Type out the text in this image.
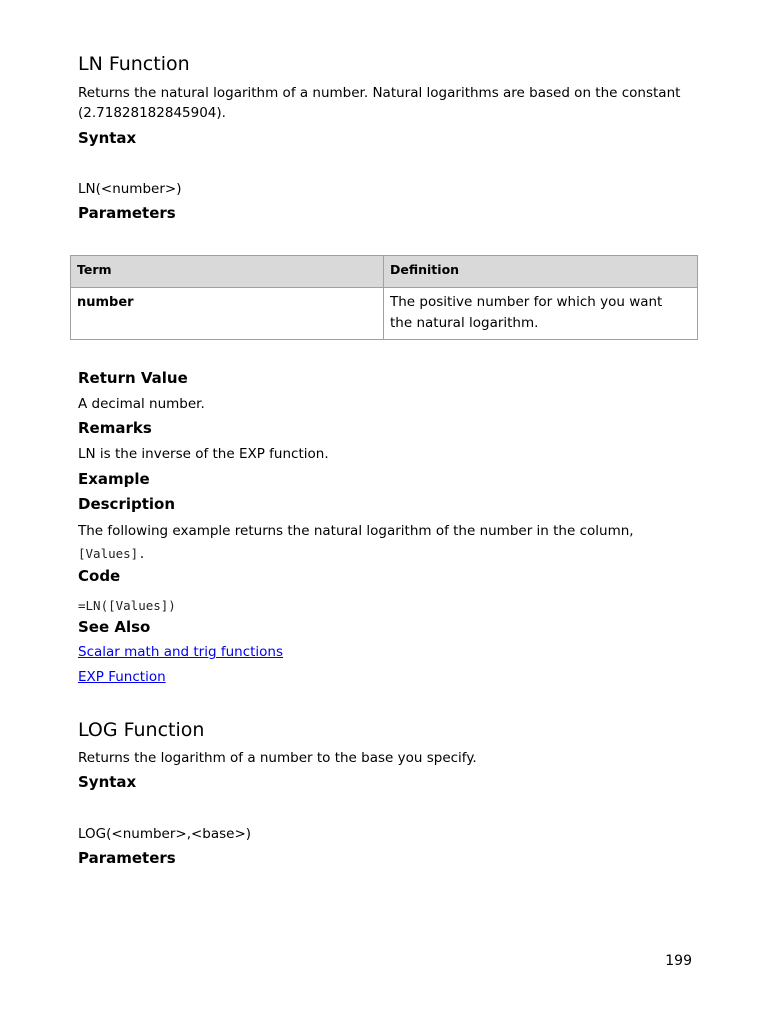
LN Function

Returns the natural logarithm of a number. Natural logarithms are based on the constant

(2.71828182845904).

Syntax

LN(<number>)

Parameters
Term	Definition
number	The positive number for which you want
the natural logarithm.
Return Value

A decimal number.

Remarks

LN is the inverse of the EXP function.

Example
Description

The following example returns the natural logarithm of the number in the column,

[Values].

Code

=LN([Values])

See Also
Scalar math and trig functions
EXP Function
LOG Function

Returns the logarithm of a number to the base you specify.

Syntax

LOG(<number>,<base>)

Parameters
199
